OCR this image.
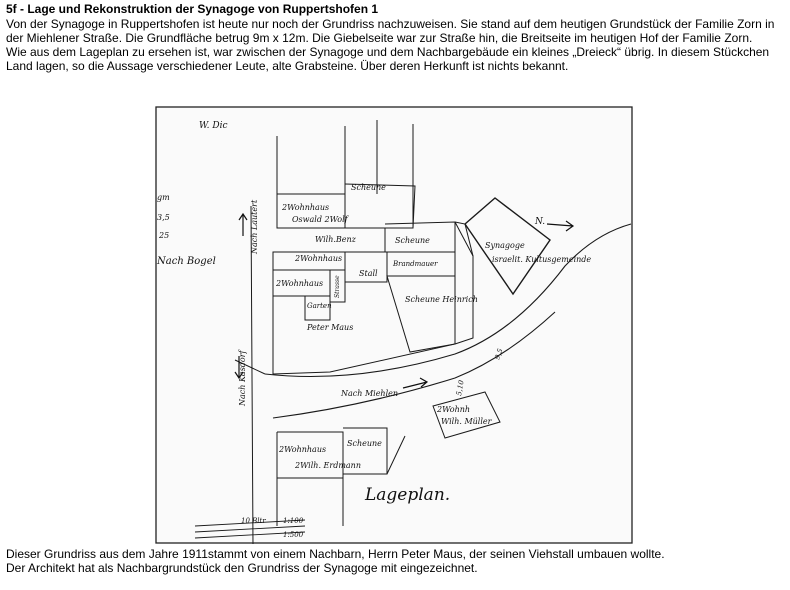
5f - Lage und Rekonstruktion der Synagoge von Ruppertshofen 1

Von der Synagoge in Ruppertshofen ist heute nur noch der Grundriss nachzuweisen. Sie stand auf dem heutigen Grundstück der Familie Zorn in der Miehlener Straße. Die Grundfläche betrug 9m x 12m. Die Giebelseite war zur Straße hin, die Breitseite im heutigen Hof der Familie Zorn.

Wie aus dem Lageplan zu ersehen ist, war zwischen der Synagoge und dem Nachbargebäude ein kleines „Dreieck“ übrig. In diesem Stückchen Land lagen, so die Aussage verschiedener Leute, alte Grabsteine. Über deren Herkunft ist nichts bekannt.

W. Dic
2Wohnhaus
Oswald 2Wolf
Scheune
Nach Lautert	Wilh.Benz	Scheune
2Wohnhaus
Stall
Brandmauer
2Wohnhaus Strasse
Synagoge
israelit. Kultusgemeinde
Scheune Heinrich
Nach Bogel
Garten
Peter Maus
Nach Kasdorf
gm
3,5
25
N.
5,10
9,5
Nach Miehlen
2Wohnh
Wilh. Müller
2Wohnhaus
Scheune
2Wilh. Erdmann
Lageplan.
10 Bltr 1:100
1:500

Dieser Grundriss aus dem Jahre 1911stammt von einem Nachbarn, Herrn Peter Maus, der seinen Viehstall umbauen wollte.

Der Architekt hat als Nachbargrundstück den Grundriss der Synagoge mit eingezeichnet.
